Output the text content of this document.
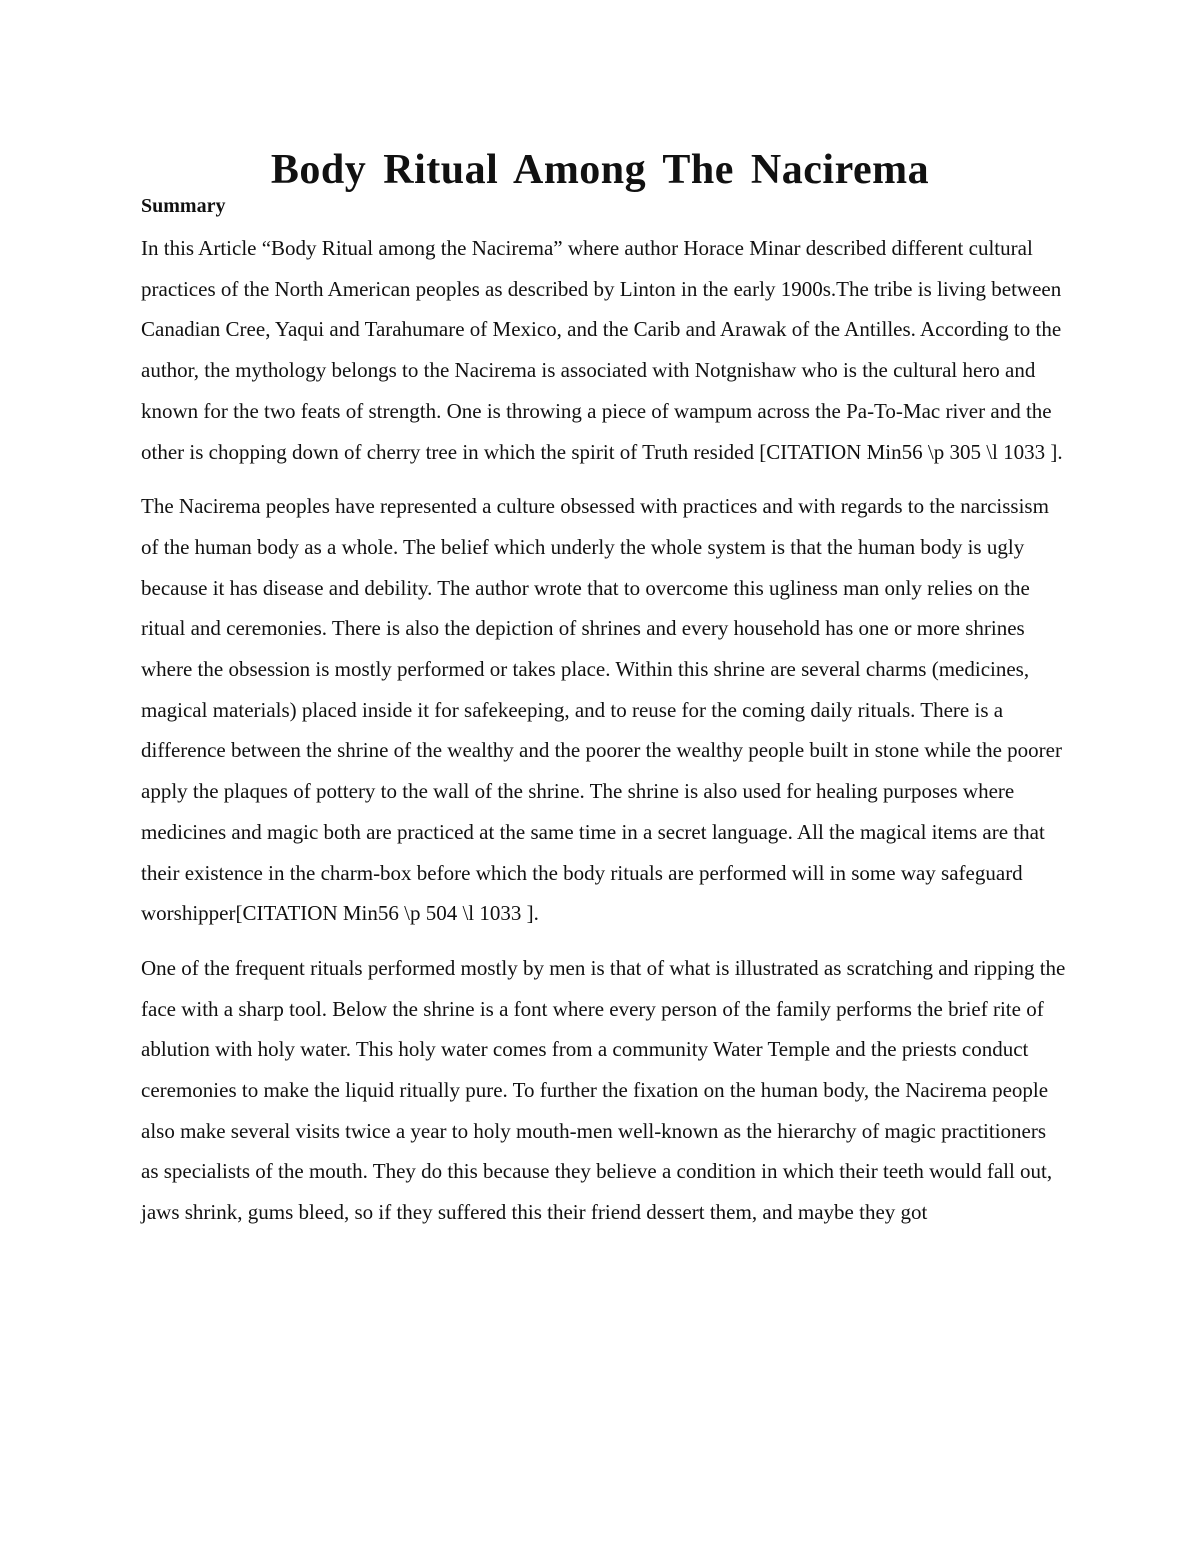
Body Ritual Among The Nacirema
Summary

In this Article “Body Ritual among the Nacirema” where author Horace Minar described different cultural practices of the North American peoples as described by Linton in the early 1900s.The tribe is living between Canadian Cree, Yaqui and Tarahumare of Mexico, and the Carib and Arawak of the Antilles. According to the author, the mythology belongs to the Nacirema is associated with Notgnishaw who is the cultural hero and known for the two feats of strength. One is throwing a piece of wampum across the Pa-To-Mac river and the other is chopping down of cherry tree in which the spirit of Truth resided [CITATION Min56 \p 305 \l 1033 ].

The Nacirema peoples have represented a culture obsessed with practices and with regards to the narcissism of the human body as a whole. The belief which underly the whole system is that the human body is ugly because it has disease and debility. The author wrote that to overcome this ugliness man only relies on the ritual and ceremonies. There is also the depiction of shrines and every household has one or more shrines where the obsession is mostly performed or takes place. Within this shrine are several charms (medicines, magical materials) placed inside it for safekeeping, and to reuse for the coming daily rituals. There is a difference between the shrine of the wealthy and the poorer the wealthy people built in stone while the poorer apply the plaques of pottery to the wall of the shrine. The shrine is also used for healing purposes where medicines and magic both are practiced at the same time in a secret language. All the magical items are that their existence in the charm-box before which the body rituals are performed will in some way safeguard worshipper[CITATION Min56 \p 504 \l 1033 ].

One of the frequent rituals performed mostly by men is that of what is illustrated as scratching and ripping the face with a sharp tool. Below the shrine is a font where every person of the family performs the brief rite of ablution with holy water. This holy water comes from a community Water Temple and the priests conduct ceremonies to make the liquid ritually pure. To further the fixation on the human body, the Nacirema people also make several visits twice a year to holy mouth-men well-known as the hierarchy of magic practitioners as specialists of the mouth. They do this because they believe a condition in which their teeth would fall out, jaws shrink, gums bleed, so if they suffered this their friend dessert them, and maybe they got
